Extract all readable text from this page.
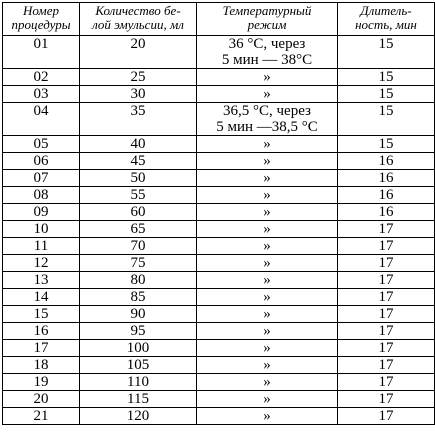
Номер
процедуры	Количество бе-
лой эмульсии, мл	Температурный
режим	Длитель-
ность, мин

01	20	36 °С, через
5 мин — 38°С	15
02	25	»	15
03	30	»	15
04	35	36,5 °С, через
5 мин —38,5 °С	15
05	40	»	15
06	45	»	16
07	50	»	16
08	55	»	16
09	60	»	16
10	65	»	17
11	70	»	17
12	75	»	17
13	80	»	17
14	85	»	17
15	90	»	17
16	95	»	17
17	100	»	17
18	105	»	17
19	110	»	17
20	115	»	17
21	120	»	17
